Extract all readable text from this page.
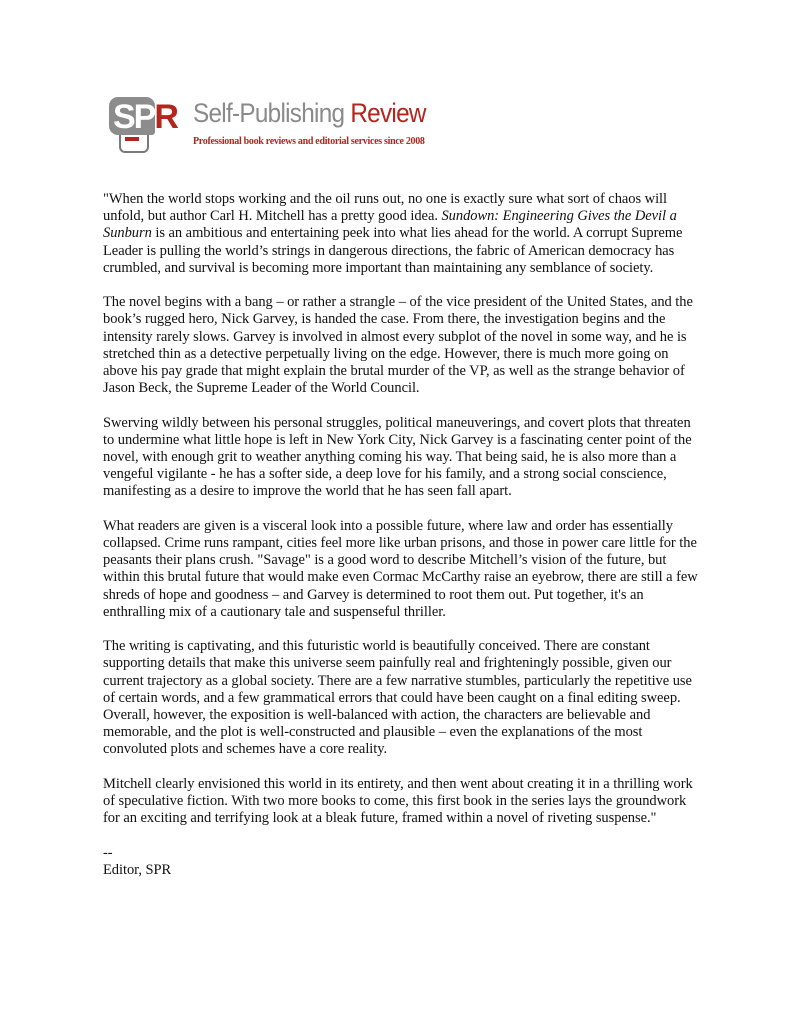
SPR Self-Publishing Review
Professional book reviews and editorial services since 2008

"When the world stops working and the oil runs out, no one is exactly sure what sort of chaos will unfold, but author Carl H. Mitchell has a pretty good idea. Sundown: Engineering Gives the Devil a Sunburn is an ambitious and entertaining peek into what lies ahead for the world. A corrupt Supreme Leader is pulling the world’s strings in dangerous directions, the fabric of American democracy has crumbled, and survival is becoming more important than maintaining any semblance of society.

The novel begins with a bang – or rather a strangle – of the vice president of the United States, and the book’s rugged hero, Nick Garvey, is handed the case. From there, the investigation begins and the intensity rarely slows. Garvey is involved in almost every subplot of the novel in some way, and he is stretched thin as a detective perpetually living on the edge. However, there is much more going on above his pay grade that might explain the brutal murder of the VP, as well as the strange behavior of Jason Beck, the Supreme Leader of the World Council.

Swerving wildly between his personal struggles, political maneuverings, and covert plots that threaten to undermine what little hope is left in New York City, Nick Garvey is a fascinating center point of the novel, with enough grit to weather anything coming his way. That being said, he is also more than a vengeful vigilante - he has a softer side, a deep love for his family, and a strong social conscience, manifesting as a desire to improve the world that he has seen fall apart.

What readers are given is a visceral look into a possible future, where law and order has essentially collapsed. Crime runs rampant, cities feel more like urban prisons, and those in power care little for the peasants their plans crush. "Savage" is a good word to describe Mitchell’s vision of the future, but within this brutal future that would make even Cormac McCarthy raise an eyebrow, there are still a few shreds of hope and goodness – and Garvey is determined to root them out. Put together, it's an enthralling mix of a cautionary tale and suspenseful thriller.

The writing is captivating, and this futuristic world is beautifully conceived. There are constant supporting details that make this universe seem painfully real and frighteningly possible, given our current trajectory as a global society. There are a few narrative stumbles, particularly the repetitive use of certain words, and a few grammatical errors that could have been caught on a final editing sweep. Overall, however, the exposition is well-balanced with action, the characters are believable and memorable, and the plot is well-constructed and plausible – even the explanations of the most convoluted plots and schemes have a core reality.

Mitchell clearly envisioned this world in its entirety, and then went about creating it in a thrilling work of speculative fiction. With two more books to come, this first book in the series lays the groundwork for an exciting and terrifying look at a bleak future, framed within a novel of riveting suspense."

--

Editor, SPR
